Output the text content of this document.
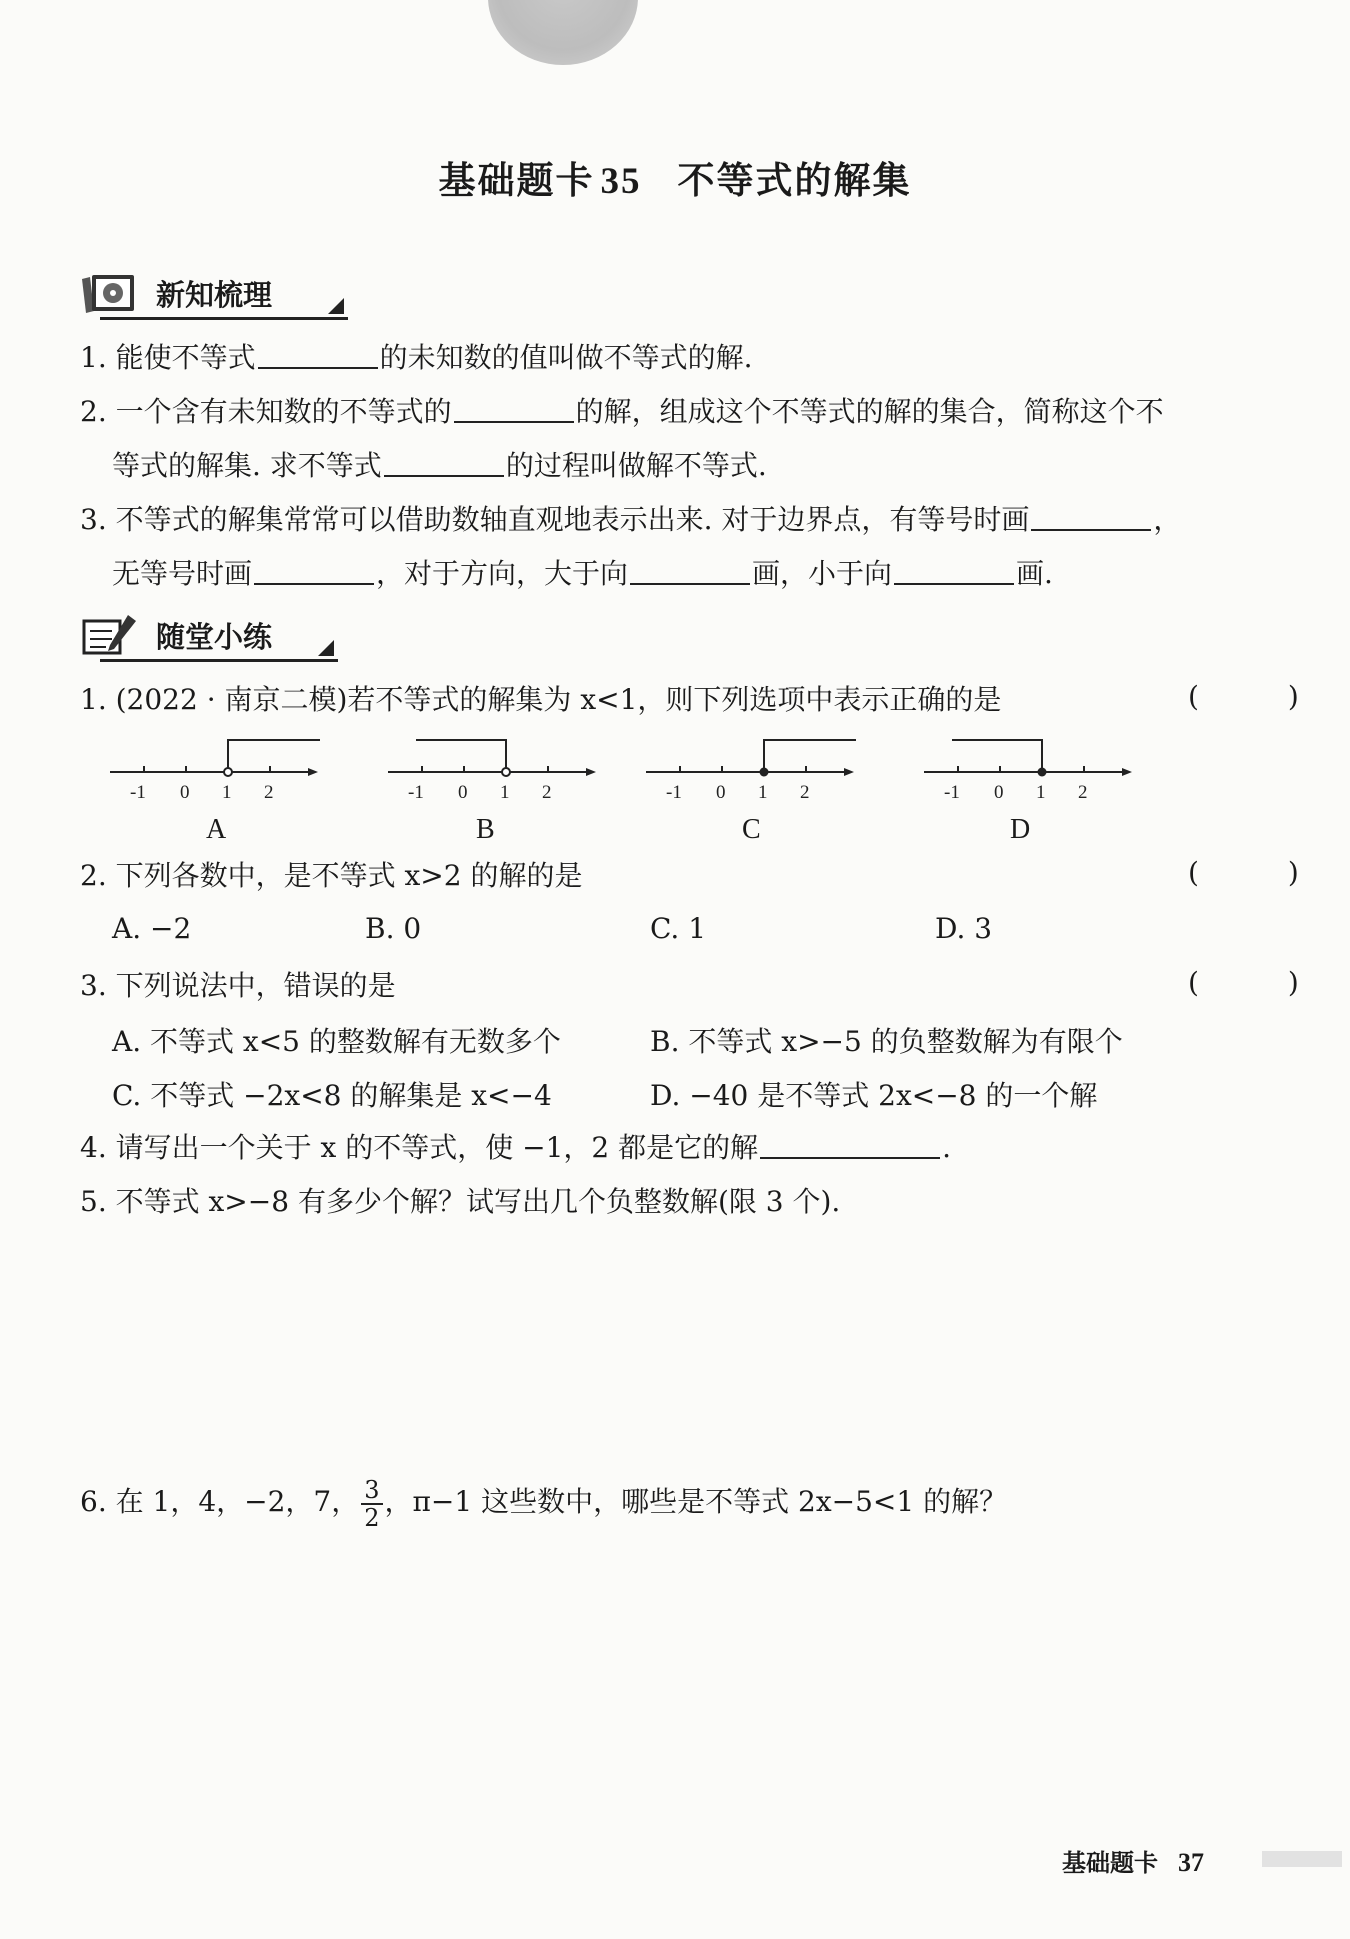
基础题卡 35 不等式的解集
新知梳理
1. 能使不等式	的未知数的值叫做不等式的解.
2. 一个含有未知数的不等式的	的解，组成这个不等式的解的集合，简称这个不
等式的解集. 求不等式	的过程叫做解不等式.
3. 不等式的解集常常可以借助数轴直观地表示出来. 对于边界点，有等号时画	，
无等号时画	，对于方向，大于向	画，小于向	画.
随堂小练
1. (2022 · 南京二模)若不等式的解集为 x<1，则下列选项中表示正确的是	( )
-1 0 1 2
A
-1 0 1 2
B
-1 0 1 2
C
-1 0 1 2
D
2. 下列各数中，是不等式 x>2 的解的是	( )
A. −2	B. 0	C. 1	D. 3
3. 下列说法中，错误的是	( )
A. 不等式 x<5 的整数解有无数多个	B. 不等式 x>−5 的负整数解为有限个
C. 不等式 −2x<8 的解集是 x<−4	D. −40 是不等式 2x<−8 的一个解
4. 请写出一个关于 x 的不等式，使 −1，2 都是它的解	.
5. 不等式 x>−8 有多少个解？试写出几个负整数解(限 3 个).
6. 在 1，4，−2，7， $\frac{3}{2}$ ，π−1 这些数中，哪些是不等式 2x−5<1 的解？
基础题卡 37
